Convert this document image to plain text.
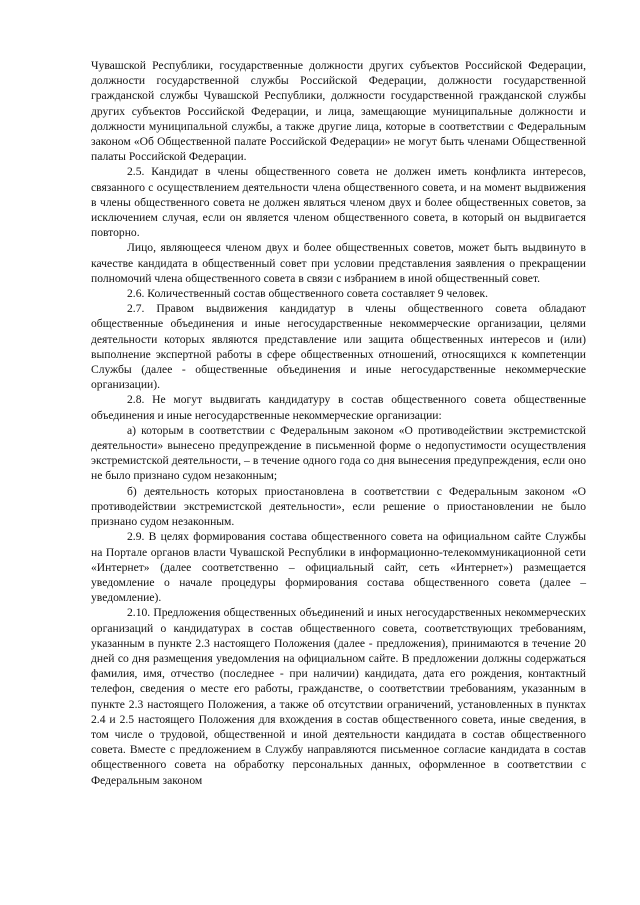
Чувашской Республики, государственные должности других субъектов Российской Федерации, должности государственной службы Российской Федерации, должности государственной гражданской службы Чувашской Республики, должности государственной гражданской службы других субъектов Российской Федерации, и лица, замещающие муниципальные должности и должности муниципальной службы, а также другие лица, которые в соответствии с Федеральным законом «Об Общественной палате Российской Федерации» не могут быть членами Общественной палаты Российской Федерации.

2.5. Кандидат в члены общественного совета не должен иметь конфликта интересов, связанного с осуществлением деятельности члена общественного совета, и на момент выдвижения в члены общественного совета не должен являться членом двух и более общественных советов, за исключением случая, если он является членом общественного совета, в который он выдвигается повторно.

Лицо, являющееся членом двух и более общественных советов, может быть выдвинуто в качестве кандидата в общественный совет при условии представления заявления о прекращении полномочий члена общественного совета в связи с избранием в иной общественный совет.

2.6. Количественный состав общественного совета составляет 9 человек.

2.7. Правом выдвижения кандидатур в члены общественного совета обладают общественные объединения и иные негосударственные некоммерческие организации, целями деятельности которых являются представление или защита общественных интересов и (или) выполнение экспертной работы в сфере общественных отношений, относящихся к компетенции Службы (далее - общественные объединения и иные негосударственные некоммерческие организации).

2.8. Не могут выдвигать кандидатуру в состав общественного совета общественные объединения и иные негосударственные некоммерческие организации:

а) которым в соответствии с Федеральным законом «О противодействии экстремистской деятельности» вынесено предупреждение в письменной форме о недопустимости осуществления экстремистской деятельности, – в течение одного года со дня вынесения предупреждения, если оно не было признано судом незаконным;

б) деятельность которых приостановлена в соответствии с Федеральным законом «О противодействии экстремистской деятельности», если решение о приостановлении не было признано судом незаконным.

2.9. В целях формирования состава общественного совета на официальном сайте Службы на Портале органов власти Чувашской Республики в информационно-телекоммуникационной сети «Интернет» (далее соответственно – официальный сайт, сеть «Интернет») размещается уведомление о начале процедуры формирования состава общественного совета (далее – уведомление).

2.10. Предложения общественных объединений и иных негосударственных некоммерческих организаций о кандидатурах в состав общественного совета, соответствующих требованиям, указанным в пункте 2.3 настоящего Положения (далее - предложения), принимаются в течение 20 дней со дня размещения уведомления на официальном сайте. В предложении должны содержаться фамилия, имя, отчество (последнее - при наличии) кандидата, дата его рождения, контактный телефон, сведения о месте его работы, гражданстве, о соответствии требованиям, указанным в пункте 2.3 настоящего Положения, а также об отсутствии ограничений, установленных в пунктах 2.4 и 2.5 настоящего Положения для вхождения в состав общественного совета, иные сведения, в том числе о трудовой, общественной и иной деятельности кандидата в состав общественного совета. Вместе с предложением в Службу направляются письменное согласие кандидата в состав общественного совета на обработку персональных данных, оформленное в соответствии с Федеральным законом
